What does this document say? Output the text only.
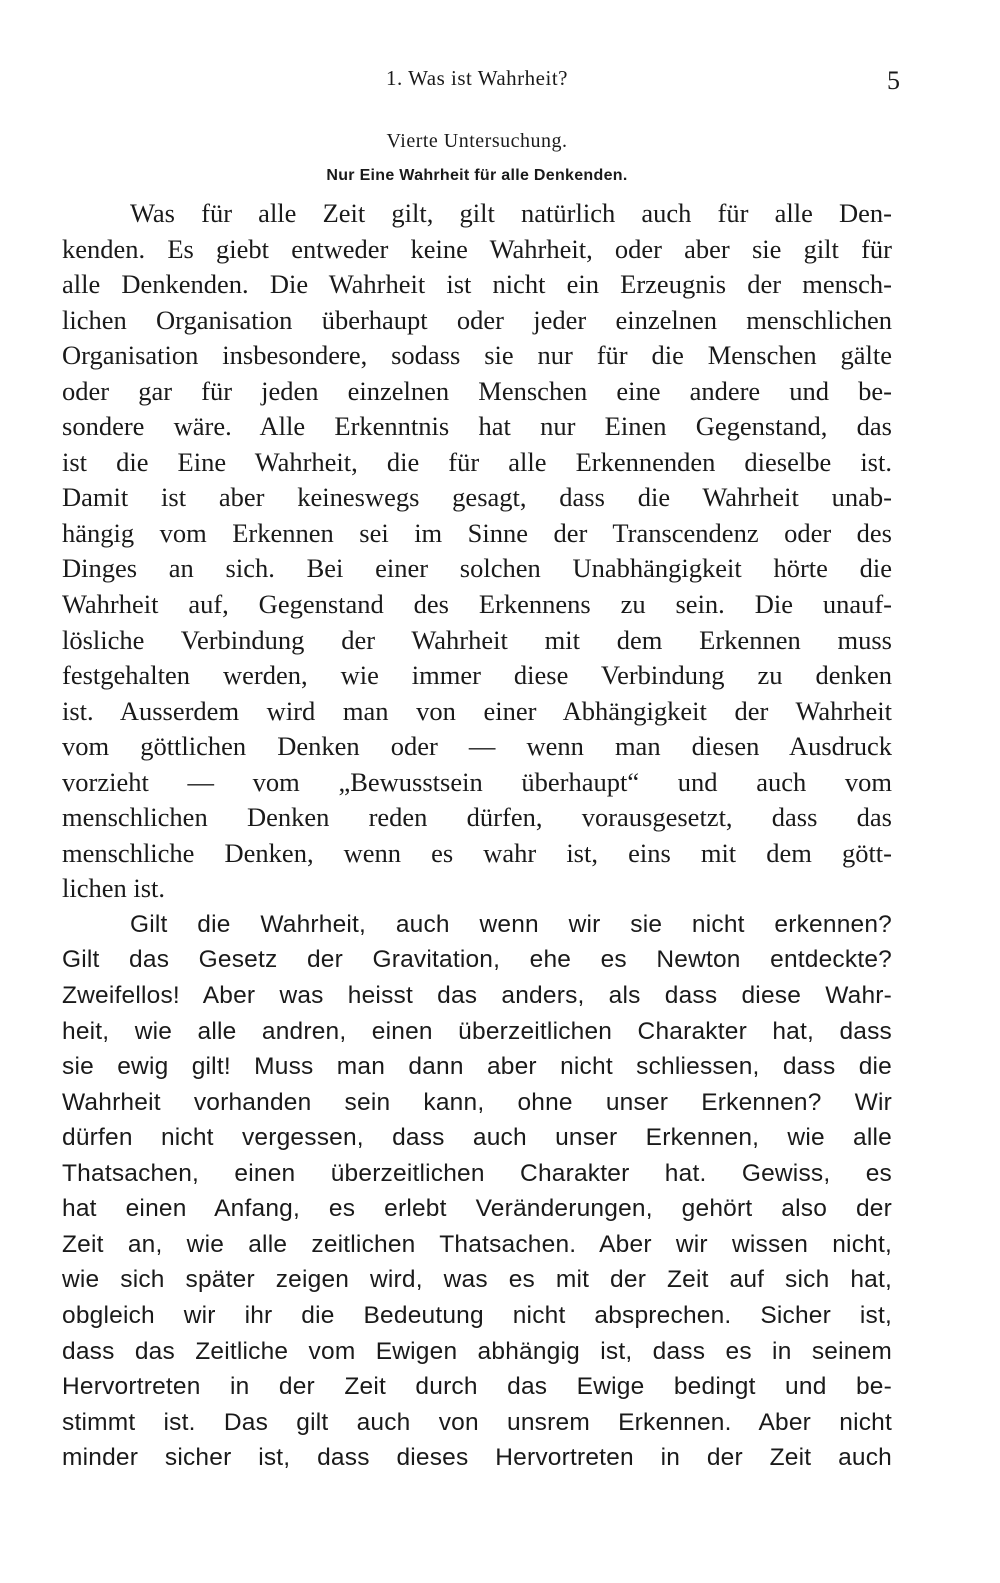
1. Was ist Wahrheit?	5
Vierte Untersuchung.
Nur Eine Wahrheit für alle Denkenden.
Was für alle Zeit gilt, gilt natürlich auch für alle Den-
kenden. Es giebt entweder keine Wahrheit, oder aber sie gilt für
alle Denkenden. Die Wahrheit ist nicht ein Erzeugnis der mensch-
lichen Organisation überhaupt oder jeder einzelnen menschlichen
Organisation insbesondere, sodass sie nur für die Menschen gälte
oder gar für jeden einzelnen Menschen eine andere und be-
sondere wäre. Alle Erkenntnis hat nur Einen Gegenstand, das
ist die Eine Wahrheit, die für alle Erkennenden dieselbe ist.
Damit ist aber keineswegs gesagt, dass die Wahrheit unab-
hängig vom Erkennen sei im Sinne der Transcendenz oder des
Dinges an sich. Bei einer solchen Unabhängigkeit hörte die
Wahrheit auf, Gegenstand des Erkennens zu sein. Die unauf-
lösliche Verbindung der Wahrheit mit dem Erkennen muss
festgehalten werden, wie immer diese Verbindung zu denken
ist. Ausserdem wird man von einer Abhängigkeit der Wahrheit
vom göttlichen Denken oder — wenn man diesen Ausdruck
vorzieht — vom „Bewusstsein überhaupt“ und auch vom
menschlichen Denken reden dürfen, vorausgesetzt, dass das
menschliche Denken, wenn es wahr ist, eins mit dem gött-
lichen ist.
Gilt die Wahrheit, auch wenn wir sie nicht erkennen?
Gilt das Gesetz der Gravitation, ehe es Newton entdeckte?
Zweifellos! Aber was heisst das anders, als dass diese Wahr-
heit, wie alle andren, einen überzeitlichen Charakter hat, dass
sie ewig gilt! Muss man dann aber nicht schliessen, dass die
Wahrheit vorhanden sein kann, ohne unser Erkennen? Wir
dürfen nicht vergessen, dass auch unser Erkennen, wie alle
Thatsachen, einen überzeitlichen Charakter hat. Gewiss, es
hat einen Anfang, es erlebt Veränderungen, gehört also der
Zeit an, wie alle zeitlichen Thatsachen. Aber wir wissen nicht,
wie sich später zeigen wird, was es mit der Zeit auf sich hat,
obgleich wir ihr die Bedeutung nicht absprechen. Sicher ist,
dass das Zeitliche vom Ewigen abhängig ist, dass es in seinem
Hervortreten in der Zeit durch das Ewige bedingt und be-
stimmt ist. Das gilt auch von unsrem Erkennen. Aber nicht
minder sicher ist, dass dieses Hervortreten in der Zeit auch
